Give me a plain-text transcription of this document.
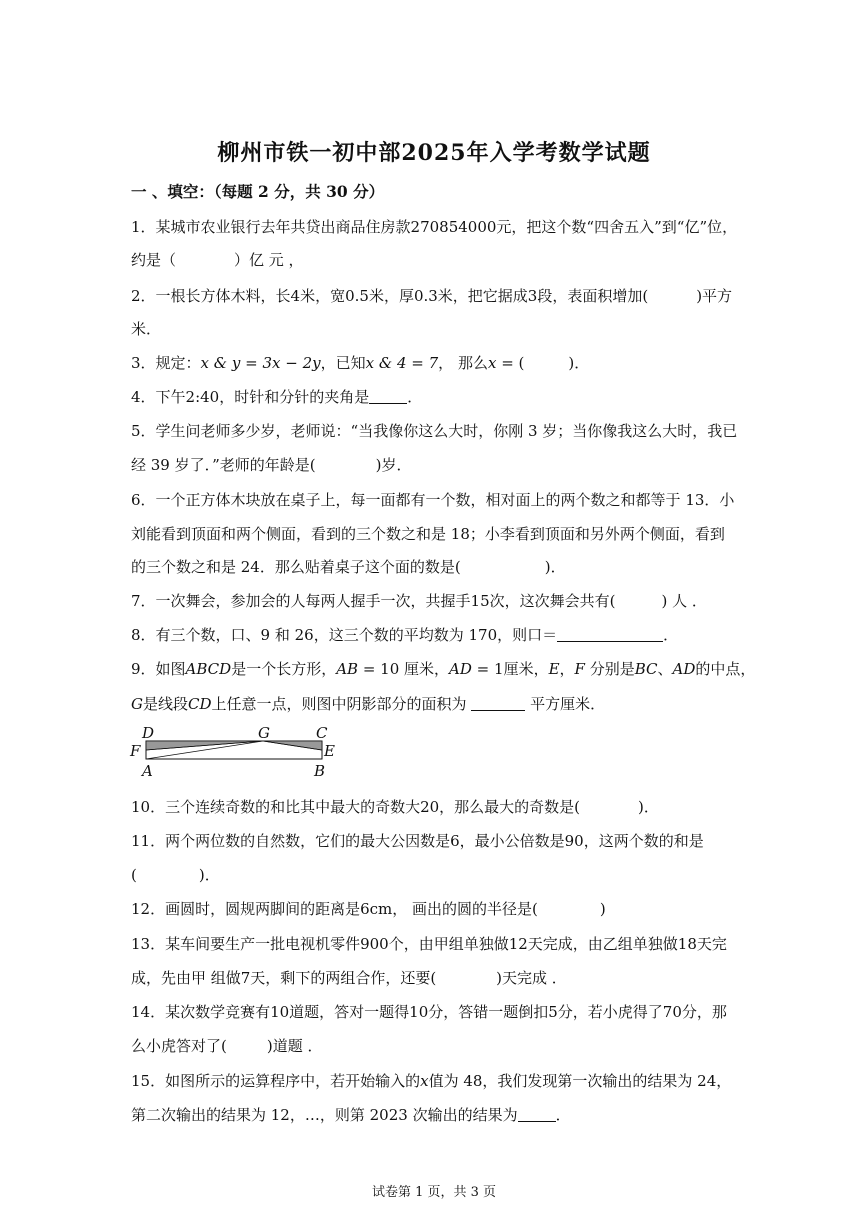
柳州市铁一初中部2025年入学考数学试题
一 、填空：（每题 2 分，共 30 分）
1．某城市农业银行去年共贷出商品住房款270854000元，把这个数“四舍五入”到“亿”位，
约是（	）亿 元 ，
2．一根长方体木料，长4米，宽0.5米，厚0.3米，把它据成3段，表面积增加(	)平方
米．
3．规定：x & y = 3x − 2y，已知x & 4 = 7， 那么x = (	)．
4．下午2:40，时针和分针的夹角是	．
5．学生问老师多少岁，老师说：“当我像你这么大时，你刚 3 岁；当你像我这么大时，我已
经 39 岁了．”老师的年龄是(	)岁．
6．一个正方体木块放在桌子上，每一面都有一个数，相对面上的两个数之和都等于 13．小
刘能看到顶面和两个侧面，看到的三个数之和是 18；小李看到顶面和另外两个侧面，看到
的三个数之和是 24．那么贴着桌子这个面的数是(	)．
7．一次舞会，参加会的人每两人握手一次，共握手15次，这次舞会共有(	) 人 ．
8．有三个数，口、9 和 26，这三个数的平均数为 170，则口＝	．
9．如图ABCD是一个长方形，AB = 10 厘米，AD = 1厘米，E，F 分别是BC、AD的中点，
G是线段CD上任意一点，则图中阴影部分的面积为	平方厘米．
D	G	C
F	E
A	B
10．三个连续奇数的和比其中最大的奇数大20，那么最大的奇数是(	)．
11．两个两位数的自然数，它们的最大公因数是6，最小公倍数是90，这两个数的和是
(	)．
12．画圆时，圆规两脚间的距离是6cm， 画出的圆的半径是(	)
13．某车间要生产一批电视机零件900个，由甲组单独做12天完成，由乙组单独做18天完
成，先由甲 组做7天，剩下的两组合作，还要(	)天完成 ．
14．某次数学竞赛有10道题，答对一题得10分，答错一题倒扣5分，若小虎得了70分，那
么小虎答对了(	)道题 ．
15．如图所示的运算程序中，若开始输入的x值为 48，我们发现第一次输出的结果为 24，
第二次输出的结果为 12，…，则第 2023 次输出的结果为	．
试卷第 1 页，共 3 页
